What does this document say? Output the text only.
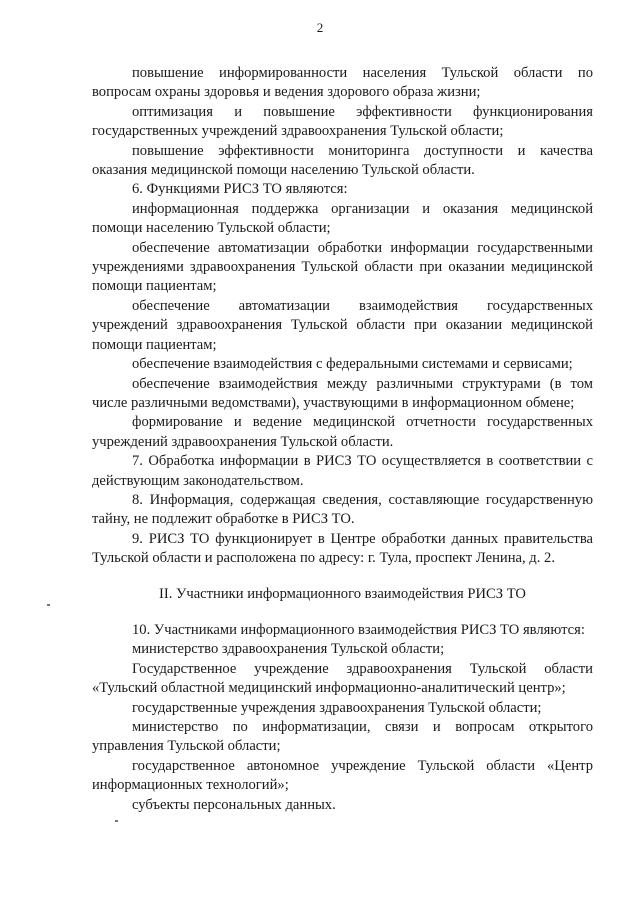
2

повышение информированности населения Тульской области по вопросам охраны здоровья и ведения здорового образа жизни;

оптимизация и повышение эффективности функционирования государственных учреждений здравоохранения Тульской области;

повышение эффективности мониторинга доступности и качества оказания медицинской помощи населению Тульской области.

6. Функциями РИСЗ ТО являются:

информационная поддержка организации и оказания медицинской помощи населению Тульской области;

обеспечение автоматизации обработки информации государственными учреждениями здравоохранения Тульской области при оказании медицинской помощи пациентам;

обеспечение автоматизации взаимодействия государственных учреждений здравоохранения Тульской области при оказании медицинской помощи пациентам;

обеспечение взаимодействия с федеральными системами и сервисами;

обеспечение взаимодействия между различными структурами (в том числе различными ведомствами), участвующими в информационном обмене;

формирование и ведение медицинской отчетности государственных учреждений здравоохранения Тульской области.

7. Обработка информации в РИСЗ ТО осуществляется в соответствии с действующим законодательством.

8. Информация, содержащая сведения, составляющие государственную тайну, не подлежит обработке в РИСЗ ТО.

9. РИСЗ ТО функционирует в Центре обработки данных правительства Тульской области и расположена по адресу: г. Тула, проспект Ленина, д. 2.

II. Участники информационного взаимодействия РИСЗ ТО

10. Участниками информационного взаимодействия РИСЗ ТО являются:

министерство здравоохранения Тульской области;

Государственное учреждение здравоохранения Тульской области «Тульский областной медицинский информационно-аналитический центр»;

государственные учреждения здравоохранения Тульской области;

министерство по информатизации, связи и вопросам открытого управления Тульской области;

государственное автономное учреждение Тульской области «Центр информационных технологий»;

субъекты персональных данных.
